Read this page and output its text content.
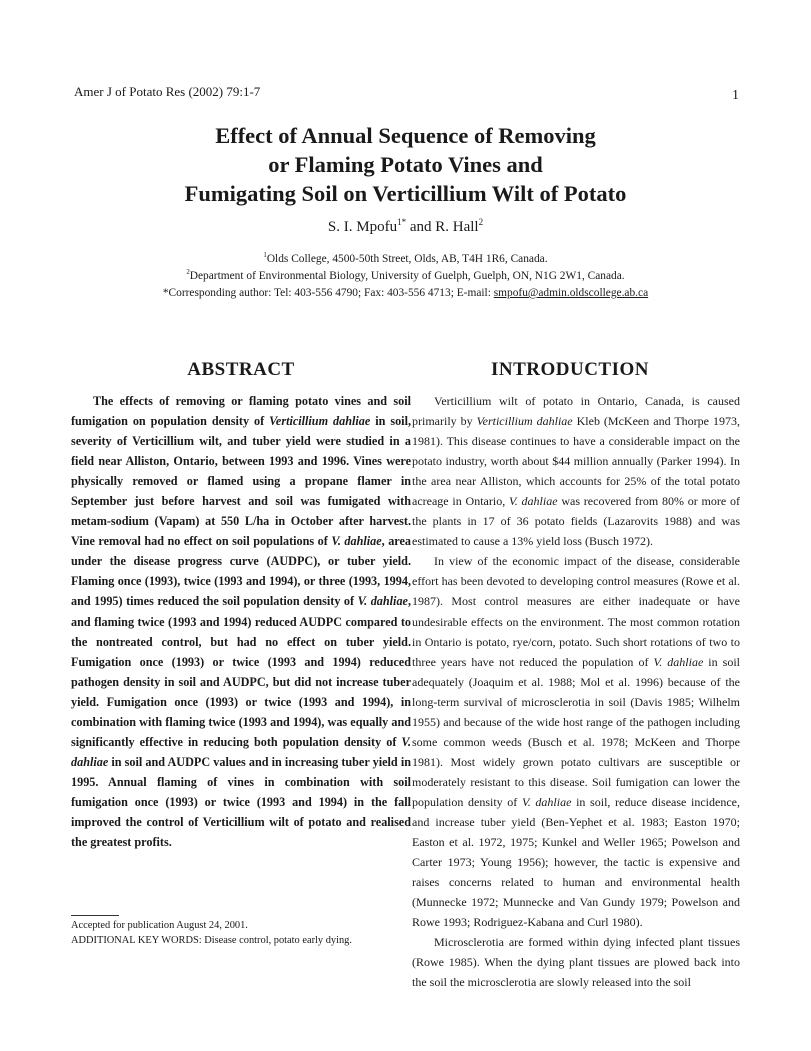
Amer J of Potato Res (2002) 79:1-7	1
Effect of Annual Sequence of Removing
or Flaming Potato Vines and
Fumigating Soil on Verticillium Wilt of Potato
S. I. Mpofu$^{1*}$ and R. Hall$^2$
$^1$Olds College, 4500-50th Street, Olds, AB, T4H 1R6, Canada.
$^2$Department of Environmental Biology, University of Guelph, Guelph, ON, N1G 2W1, Canada.
*Corresponding author: Tel: 403-556 4790; Fax: 403-556 4713; E-mail: smpofu@admin.oldscollege.ab.ca
ABSTRACT	INTRODUCTION

The effects of removing or flaming potato vines and soil fumigation on population density of Verticillium dahliae in soil, severity of Verticillium wilt, and tuber yield were studied in a field near Alliston, Ontario, between 1993 and 1996. Vines were physically removed or flamed using a propane flamer in September just before harvest and soil was fumigated with metam-sodium (Vapam) at 550 L/ha in October after harvest. Vine removal had no effect on soil populations of V. dahliae, area under the disease progress curve (AUDPC), or tuber yield. Flaming once (1993), twice (1993 and 1994), or three (1993, 1994, and 1995) times reduced the soil population density of V. dahliae, and flaming twice (1993 and 1994) reduced AUDPC compared to the nontreated control, but had no effect on tuber yield. Fumigation once (1993) or twice (1993 and 1994) reduced pathogen density in soil and AUDPC, but did not increase tuber yield. Fumigation once (1993) or twice (1993 and 1994), in combination with flaming twice (1993 and 1994), was equally and significantly effective in reducing both population density of V. dahliae in soil and AUDPC values and in increasing tuber yield in 1995. Annual flaming of vines in combination with soil fumigation once (1993) or twice (1993 and 1994) in the fall improved the control of Verticillium wilt of potato and realised the greatest profits.

Verticillium wilt of potato in Ontario, Canada, is caused primarily by Verticillium dahliae Kleb (McKeen and Thorpe 1973, 1981). This disease continues to have a considerable impact on the potato industry, worth about $44 million annually (Parker 1994). In the area near Alliston, which accounts for 25% of the total potato acreage in Ontario, V. dahliae was recovered from 80% or more of the plants in 17 of 36 potato fields (Lazarovits 1988) and was estimated to cause a 13% yield loss (Busch 1972).

In view of the economic impact of the disease, considerable effort has been devoted to developing control measures (Rowe et al. 1987). Most control measures are either inadequate or have undesirable effects on the environment. The most common rotation in Ontario is potato, rye/corn, potato. Such short rotations of two to three years have not reduced the population of V. dahliae in soil adequately (Joaquim et al. 1988; Mol et al. 1996) because of the long-term survival of microsclerotia in soil (Davis 1985; Wilhelm 1955) and because of the wide host range of the pathogen including some common weeds (Busch et al. 1978; McKeen and Thorpe 1981). Most widely grown potato cultivars are susceptible or moderately resistant to this disease. Soil fumigation can lower the population density of V. dahliae in soil, reduce disease incidence, and increase tuber yield (Ben-Yephet et al. 1983; Easton 1970; Easton et al. 1972, 1975; Kunkel and Weller 1965; Powelson and Carter 1973; Young 1956); however, the tactic is expensive and raises concerns related to human and environmental health (Munnecke 1972; Munnecke and Van Gundy 1979; Powelson and Rowe 1993; Rodriguez-Kabana and Curl 1980).

Microsclerotia are formed within dying infected plant tissues (Rowe 1985). When the dying plant tissues are plowed back into the soil the microsclerotia are slowly released into the soil

Accepted for publication August 24, 2001.
ADDITIONAL KEY WORDS: Disease control, potato early dying.
